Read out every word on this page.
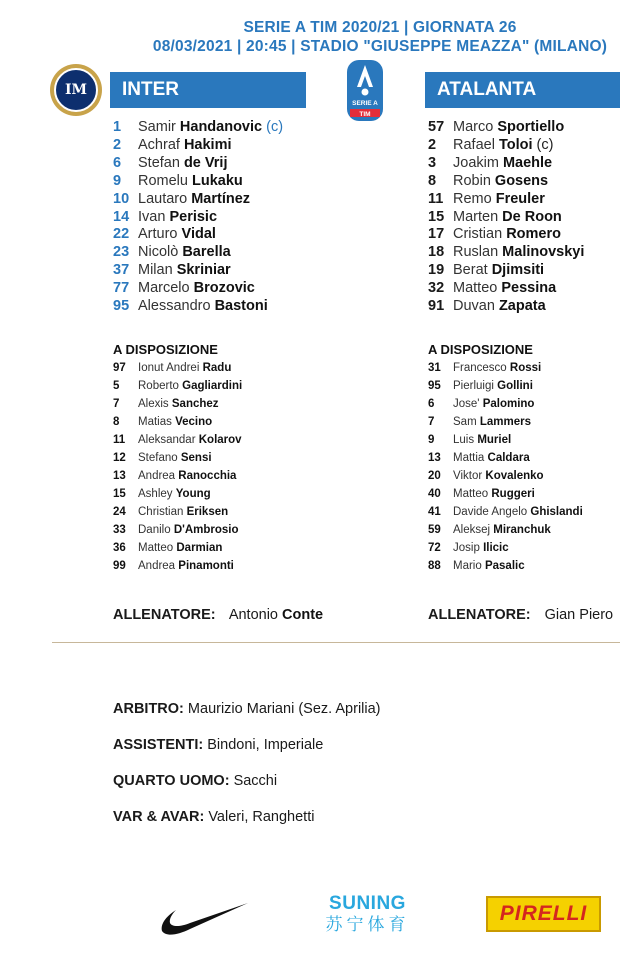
SERIE A TIM 2020/21 | GIORNATA 26
08/03/2021 | 20:45 | STADIO "GIUSEPPE MEAZZA" (MILANO)
IM	INTER
SERIE A
TIM
ATALANTA
1 Samir Handanovic (c)
2 Achraf Hakimi
6 Stefan de Vrij
9 Romelu Lukaku
10 Lautaro Martínez
14 Ivan Perisic
22 Arturo Vidal
23 Nicolò Barella
37 Milan Skriniar
77 Marcelo Brozovic
95 Alessandro Bastoni
57 Marco Sportiello
2 Rafael Toloi (c)
3 Joakim Maehle
8 Robin Gosens
11 Remo Freuler
15 Marten De Roon
17 Cristian Romero
18 Ruslan Malinovskyi
19 Berat Djimsiti
32 Matteo Pessina
91 Duvan Zapata
A DISPOSIZIONE	A DISPOSIZIONE
97 Ionut Andrei Radu
5 Roberto Gagliardini
7 Alexis Sanchez
8 Matias Vecino
11 Aleksandar Kolarov
12 Stefano Sensi
13 Andrea Ranocchia
15 Ashley Young
24 Christian Eriksen
33 Danilo D'Ambrosio
36 Matteo Darmian
99 Andrea Pinamonti
31 Francesco Rossi
95 Pierluigi Gollini
6 Jose' Palomino
7 Sam Lammers
9 Luis Muriel
13 Mattia Caldara
20 Viktor Kovalenko
40 Matteo Ruggeri
41 Davide Angelo Ghislandi
59 Aleksej Miranchuk
72 Josip Ilicic
88 Mario Pasalic
ALLENATORE: Antonio Conte	ALLENATORE: Gian Piero
ARBITRO: Maurizio Mariani (Sez. Aprilia)
ASSISTENTI: Bindoni, Imperiale
QUARTO UOMO: Sacchi
VAR & AVAR: Valeri, Ranghetti
SUNING
苏宁体育	PIRELLI
